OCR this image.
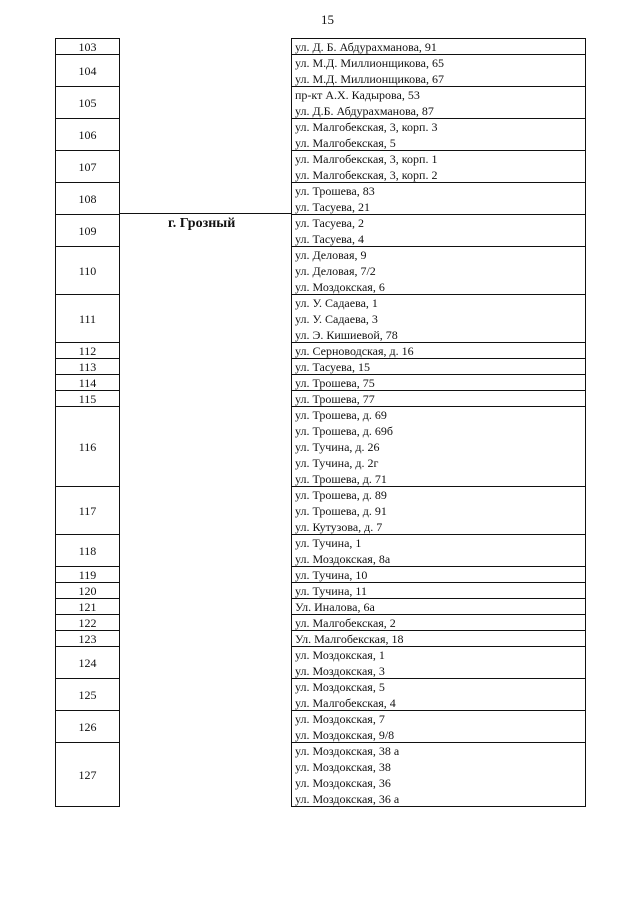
15
103
104
105
106
107
108
109
110
111
112
113
114
115
116
117
118
119
120
121
122
123
124
125
126
127
г. Грозный
ул. Д. Б. Абдурахманова, 91
ул. М.Д. Миллионщикова, 65
ул. М.Д. Миллионщикова, 67
пр-кт А.Х. Кадырова, 53
ул. Д.Б. Абдурахманова, 87
ул. Малгобекская, 3, корп. 3
ул. Малгобекская, 5
ул. Малгобекская, 3, корп. 1
ул. Малгобекская, 3, корп. 2
ул. Трошева, 83
ул. Тасуева, 21
ул. Тасуева, 2
ул. Тасуева, 4
ул. Деловая, 9
ул. Деловая, 7/2
ул. Моздокская, 6
ул. У. Садаева, 1
ул. У. Садаева, 3
ул. Э. Кишиевой, 78
ул. Серноводская, д. 16
ул. Тасуева, 15
ул. Трошева, 75
ул. Трошева, 77
ул. Трошева, д. 69
ул. Трошева, д. 69б
ул. Тучина, д. 26
ул. Тучина, д. 2г
ул. Трошева, д. 71
ул. Трошева, д. 89
ул. Трошева, д. 91
ул. Кутузова, д. 7
ул. Тучина, 1
ул. Моздокская, 8а
ул. Тучина, 10
ул. Тучина, 11
Ул. Иналова, 6а
ул. Малгобекская, 2
Ул. Малгобекская, 18
ул. Моздокская, 1
ул. Моздокская, 3
ул. Моздокская, 5
ул. Малгобекская, 4
ул. Моздокская, 7
ул. Моздокская, 9/8
ул. Моздокская, 38 а
ул. Моздокская, 38
ул. Моздокская, 36
ул. Моздокская, 36 а
